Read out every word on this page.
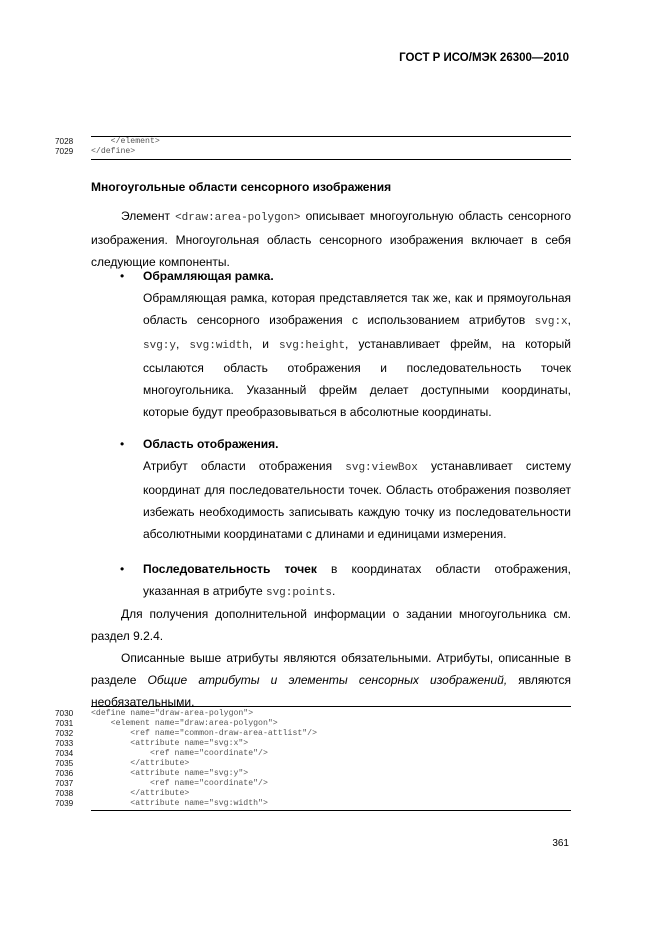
ГОСТ Р ИСО/МЭК 26300—2010
7028	</element>
7029	</define>
Многоугольные области сенсорного изображения
Элемент <draw:area-polygon> описывает многоугольную область сенсорного изображения. Многоугольная область сенсорного изображения включает в себя следующие компоненты.
• Обрамляющая рамка.
Обрамляющая рамка, которая представляется так же, как и прямоугольная область сенсорного изображения с использованием атрибутов svg:x, svg:y, svg:width, и svg:height, устанавливает фрейм, на который ссылаются область отображения и последовательность точек многоугольника. Указанный фрейм делает доступными координаты, которые будут преобразовываться в абсолютные координаты.
• Область отображения.
Атрибут области отображения svg:viewBox устанавливает систему координат для последовательности точек. Область отображения позволяет избежать необходимость записывать каждую точку из последовательности абсолютными координатами с длинами и единицами измерения.
• Последовательность точек в координатах области отображения, указанная в атрибуте svg:points.
Для получения дополнительной информации о задании многоугольника см. раздел 9.2.4.
Описанные выше атрибуты являются обязательными. Атрибуты, описанные в разделе Общие атрибуты и элементы сенсорных изображений, являются необязательными.
7030	<define name="draw-area-polygon">
7031	<element name="draw:area-polygon">
7032	<ref name="common-draw-area-attlist"/>
7033	<attribute name="svg:x">
7034	<ref name="coordinate"/>
7035	</attribute>
7036	<attribute name="svg:y">
7037	<ref name="coordinate"/>
7038	</attribute>
7039	<attribute name="svg:width">
361
